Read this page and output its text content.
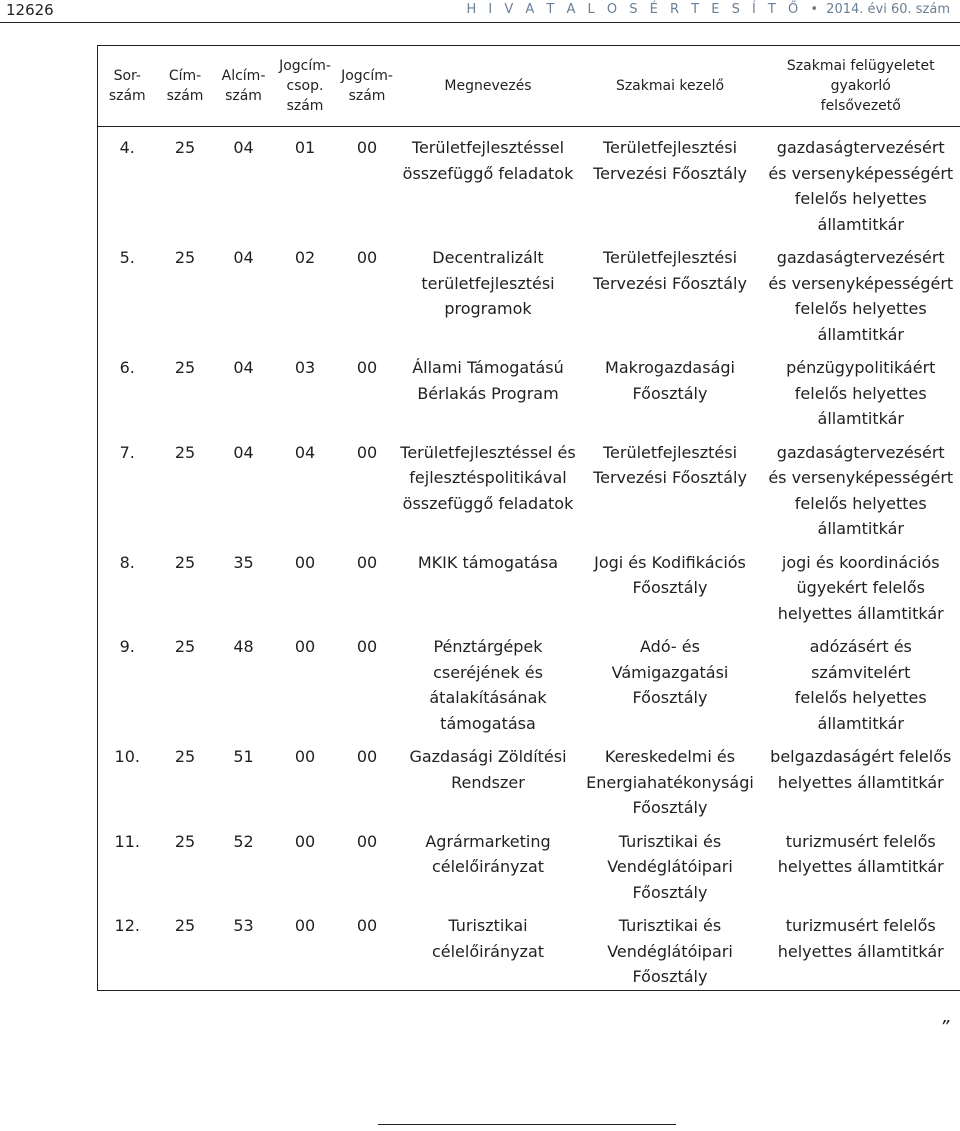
12626	H I V A T A L O S É R T E S Í T Ő • 2014. évi 60. szám
Sor-
szám	Cím-
szám	Alcím-
szám	Jogcím-
csop.
szám	Jogcím-
szám	Megnevezés	Szakmai kezelő	Szakmai felügyeletet gyakorló
felsővezető
4.	25	04	01	00	Területfejlesztéssel
összefüggő feladatok	Területfejlesztési
Tervezési Főosztály	gazdaságtervezésért
és versenyképességért
felelős helyettes
államtitkár
5.	25	04	02	00	Decentralizált
területfejlesztési
programok	Területfejlesztési
Tervezési Főosztály	gazdaságtervezésért
és versenyképességért
felelős helyettes
államtitkár
6.	25	04	03	00	Állami Támogatású
Bérlakás Program	Makrogazdasági
Főosztály	pénzügypolitikáért
felelős helyettes
államtitkár
7.	25	04	04	00	Területfejlesztéssel és
fejlesztéspolitikával
összefüggő feladatok	Területfejlesztési
Tervezési Főosztály	gazdaságtervezésért
és versenyképességért
felelős helyettes
államtitkár
8.	25	35	00	00	MKIK támogatása	Jogi és Kodifikációs
Főosztály	jogi és koordinációs
ügyekért felelős
helyettes államtitkár
9.	25	48	00	00	Pénztárgépek
cseréjének és
átalakításának
támogatása	Adó- és
Vámigazgatási
Főosztály	adózásért és számvitelért
felelős helyettes
államtitkár
10.	25	51	00	00	Gazdasági Zöldítési
Rendszer	Kereskedelmi és
Energiahatékonysági
Főosztály	belgazdaságért felelős
helyettes államtitkár
11.	25	52	00	00	Agrármarketing
célelőirányzat	Turisztikai és
Vendéglátóipari
Főosztály	turizmusért felelős
helyettes államtitkár
12.	25	53	00	00	Turisztikai
célelőirányzat	Turisztikai és
Vendéglátóipari
Főosztály	turizmusért felelős
helyettes államtitkár
”
